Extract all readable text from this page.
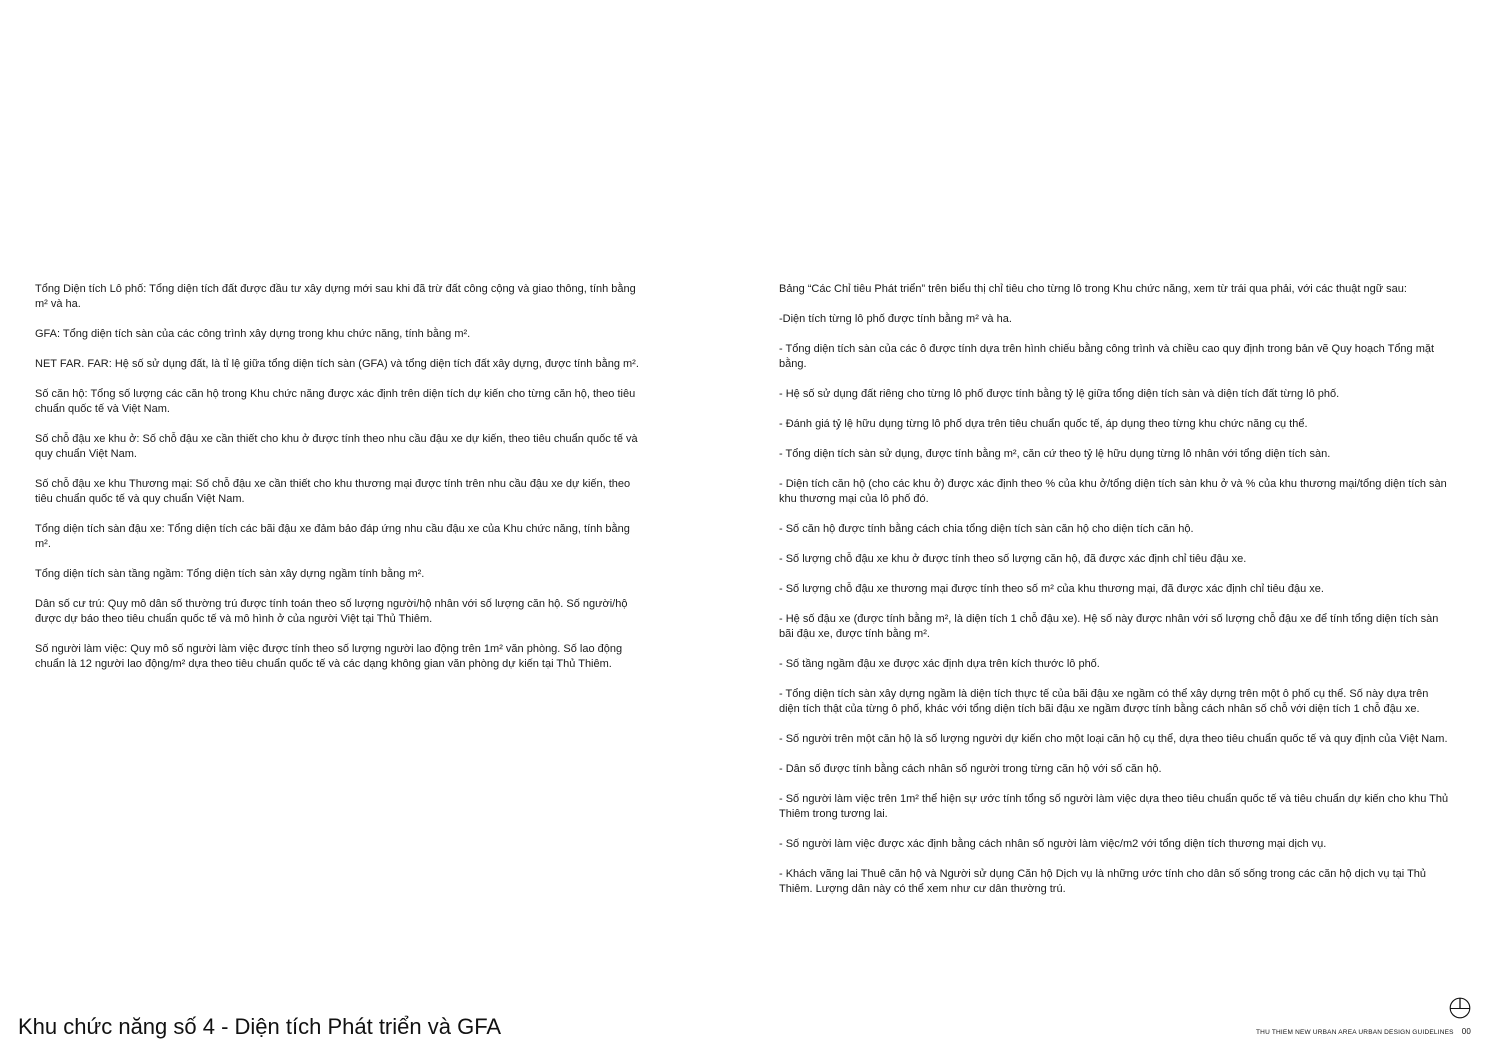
Tổng Diện tích Lô phố: Tổng diện tích đất được đầu tư xây dựng mới sau khi đã trừ đất công cộng và giao thông, tính bằng m² và ha.

GFA: Tổng diện tích sàn của các công trình xây dựng trong khu chức năng, tính bằng m².

NET FAR. FAR: Hệ số sử dụng đất, là tỉ lệ giữa tổng diện tích sàn (GFA) và tổng diện tích đất xây dựng, được tính bằng m².

Số căn hộ: Tổng số lượng các căn hộ trong Khu chức năng được xác định trên diện tích dự kiến cho từng căn hộ, theo tiêu chuẩn quốc tế và Việt Nam.

Số chỗ đậu xe khu ở: Số chỗ đậu xe cần thiết cho khu ở được tính theo nhu cầu đậu xe dự kiến, theo tiêu chuẩn quốc tế và quy chuẩn Việt Nam.

Số chỗ đậu xe khu Thương mại: Số chỗ đậu xe cần thiết cho khu thương mại được tính trên nhu cầu đậu xe dự kiến, theo tiêu chuẩn quốc tế và quy chuẩn Việt Nam.

Tổng diện tích sàn đậu xe: Tổng diện tích các bãi đậu xe đảm bảo đáp ứng nhu cầu đậu xe của Khu chức năng, tính bằng m².

Tổng diện tích sàn tầng ngầm: Tổng diện tích sàn xây dựng ngầm tính bằng m².

Dân số cư trú: Quy mô dân số thường trú được tính toán theo số lượng người/hộ nhân với số lượng căn hộ. Số người/hộ được dự báo theo tiêu chuẩn quốc tế và mô hình ở của người Việt tại Thủ Thiêm.

Số người làm việc: Quy mô số người làm việc được tính theo số lượng người lao động trên 1m² văn phòng. Số lao động chuẩn là 12 người lao động/m² dựa theo tiêu chuẩn quốc tế và các dạng không gian văn phòng dự kiến tại Thủ Thiêm.

Bảng “Các Chỉ tiêu Phát triển” trên biểu thị chỉ tiêu cho từng lô trong Khu chức năng, xem từ trái qua phải, với các thuật ngữ sau:

-Diện tích từng lô phố được tính bằng m² và ha.

- Tổng diện tích sàn của các ô được tính dựa trên hình chiếu bằng công trình và chiều cao quy định trong bản vẽ Quy hoạch Tổng mặt bằng.

- Hệ số sử dụng đất riêng cho từng lô phố được tính bằng tỷ lệ giữa tổng diện tích sàn và diện tích đất từng lô phố.

- Đánh giá tỷ lệ hữu dụng từng lô phố dựa trên tiêu chuẩn quốc tế, áp dụng theo từng khu chức năng cụ thể.

- Tổng diện tích sàn sử dụng, được tính bằng m², căn cứ theo tỷ lệ hữu dụng từng lô nhân với tổng diện tích sàn.

- Diện tích căn hộ (cho các khu ở) được xác định theo % của khu ở/tổng diện tích sàn khu ở và % của khu thương mại/tổng diện tích sàn khu thương mại của lô phố đó.

- Số căn hộ được tính bằng cách chia tổng diện tích sàn căn hộ cho diện tích căn hộ.

- Số lượng chỗ đậu xe khu ở được tính theo số lượng căn hộ, đã được xác định chỉ tiêu đậu xe.

- Số lượng chỗ đậu xe thương mại được tính theo số m² của khu thương mại, đã được xác định chỉ tiêu đậu xe.

- Hệ số đậu xe (được tính bằng m², là diện tích 1 chỗ đậu xe). Hệ số này được nhân với số lượng chỗ đậu xe để tính tổng diện tích sàn bãi đậu xe, được tính bằng m².

- Số tầng ngầm đậu xe được xác định dựa trên kích thước lô phố.

- Tổng diện tích sàn xây dựng ngầm là diện tích thực tế của bãi đậu xe ngầm có thể xây dựng trên một ô phố cụ thể. Số này dựa trên diện tích thật của từng ô phố, khác với tổng diện tích bãi đậu xe ngầm được tính bằng cách nhân số chỗ với diện tích 1 chỗ đậu xe.

- Số người trên một căn hộ là số lượng người dự kiến cho một loại căn hộ cụ thể, dựa theo tiêu chuẩn quốc tế và quy định của Việt Nam.

- Dân số được tính bằng cách nhân số người trong từng căn hộ với số căn hộ.

- Số người làm việc trên 1m² thể hiện sự ước tính tổng số người làm việc dựa theo tiêu chuẩn quốc tế và tiêu chuẩn dự kiến cho khu Thủ Thiêm trong tương lai.

- Số người làm việc được xác định bằng cách nhân số người làm việc/m2 với tổng diện tích thương mại dịch vụ.

- Khách vãng lai Thuê căn hộ và Người sử dụng Căn hộ Dịch vụ là những ước tính cho dân số sống trong các căn hộ dịch vụ tại Thủ Thiêm. Lượng dân này có thể xem như cư dân thường trú.

Khu chức năng số 4 - Diện tích Phát triển và GFA	THU THIEM NEW URBAN AREA URBAN DESIGN GUIDELINES 00
